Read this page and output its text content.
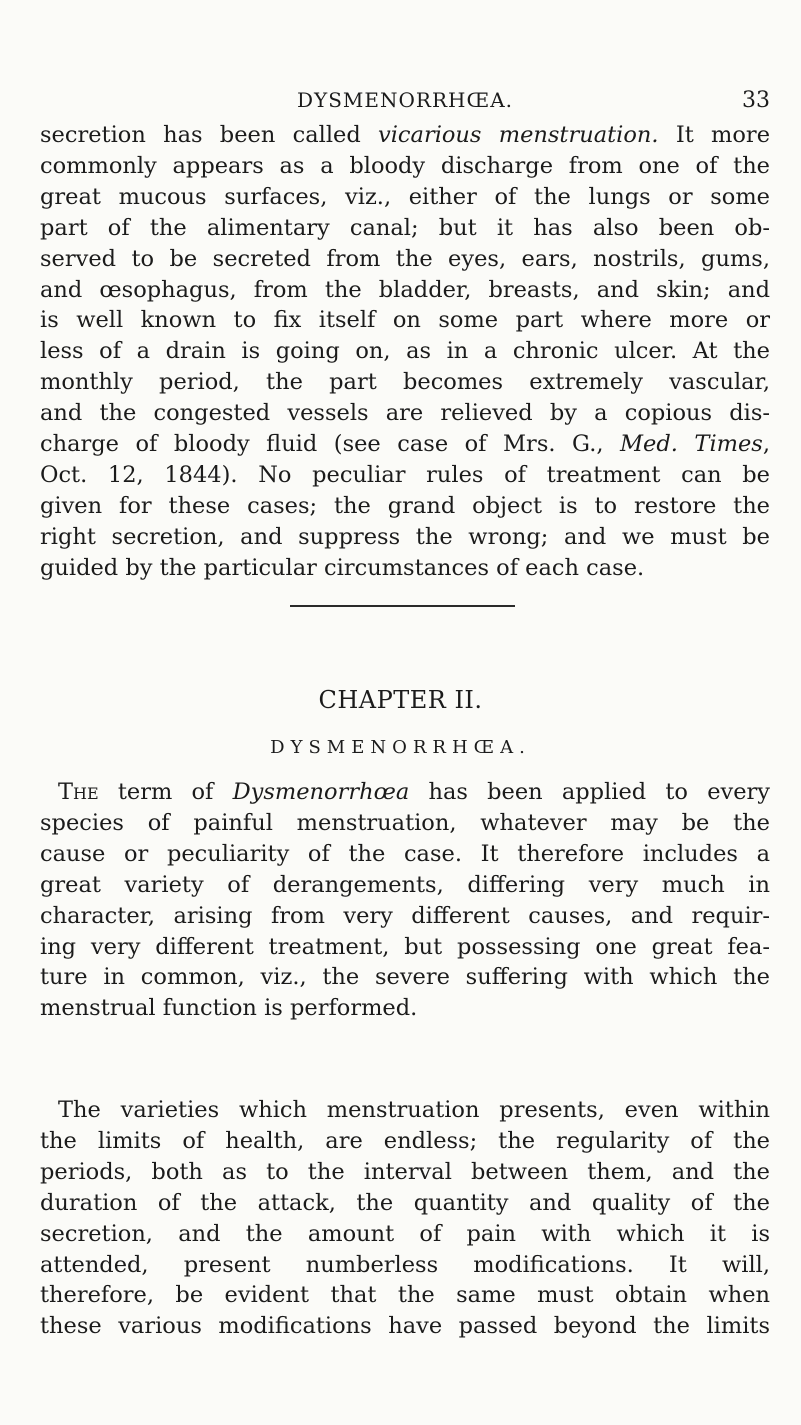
DYSMENORRHŒA.	33
secretion has been called vicarious menstruation. It more
commonly appears as a bloody discharge from one of the
great mucous surfaces, viz., either of the lungs or some
part of the alimentary canal; but it has also been ob-
served to be secreted from the eyes, ears, nostrils, gums,
and œsophagus, from the bladder, breasts, and skin; and
is well known to fix itself on some part where more or
less of a drain is going on, as in a chronic ulcer. At the
monthly period, the part becomes extremely vascular,
and the congested vessels are relieved by a copious dis-
charge of bloody fluid (see case of Mrs. G., Med. Times,
Oct. 12, 1844). No peculiar rules of treatment can be
given for these cases; the grand object is to restore the
right secretion, and suppress the wrong; and we must be
guided by the particular circumstances of each case.
CHAPTER II.
DYSMENORRHŒA.
The term of Dysmenorrhœa has been applied to every
species of painful menstruation, whatever may be the
cause or peculiarity of the case. It therefore includes a
great variety of derangements, differing very much in
character, arising from very different causes, and requir-
ing very different treatment, but possessing one great fea-
ture in common, viz., the severe suffering with which the
menstrual function is performed.
The varieties which menstruation presents, even within
the limits of health, are endless; the regularity of the
periods, both as to the interval between them, and the
duration of the attack, the quantity and quality of the
secretion, and the amount of pain with which it is
attended, present numberless modifications. It will,
therefore, be evident that the same must obtain when
these various modifications have passed beyond the limits
